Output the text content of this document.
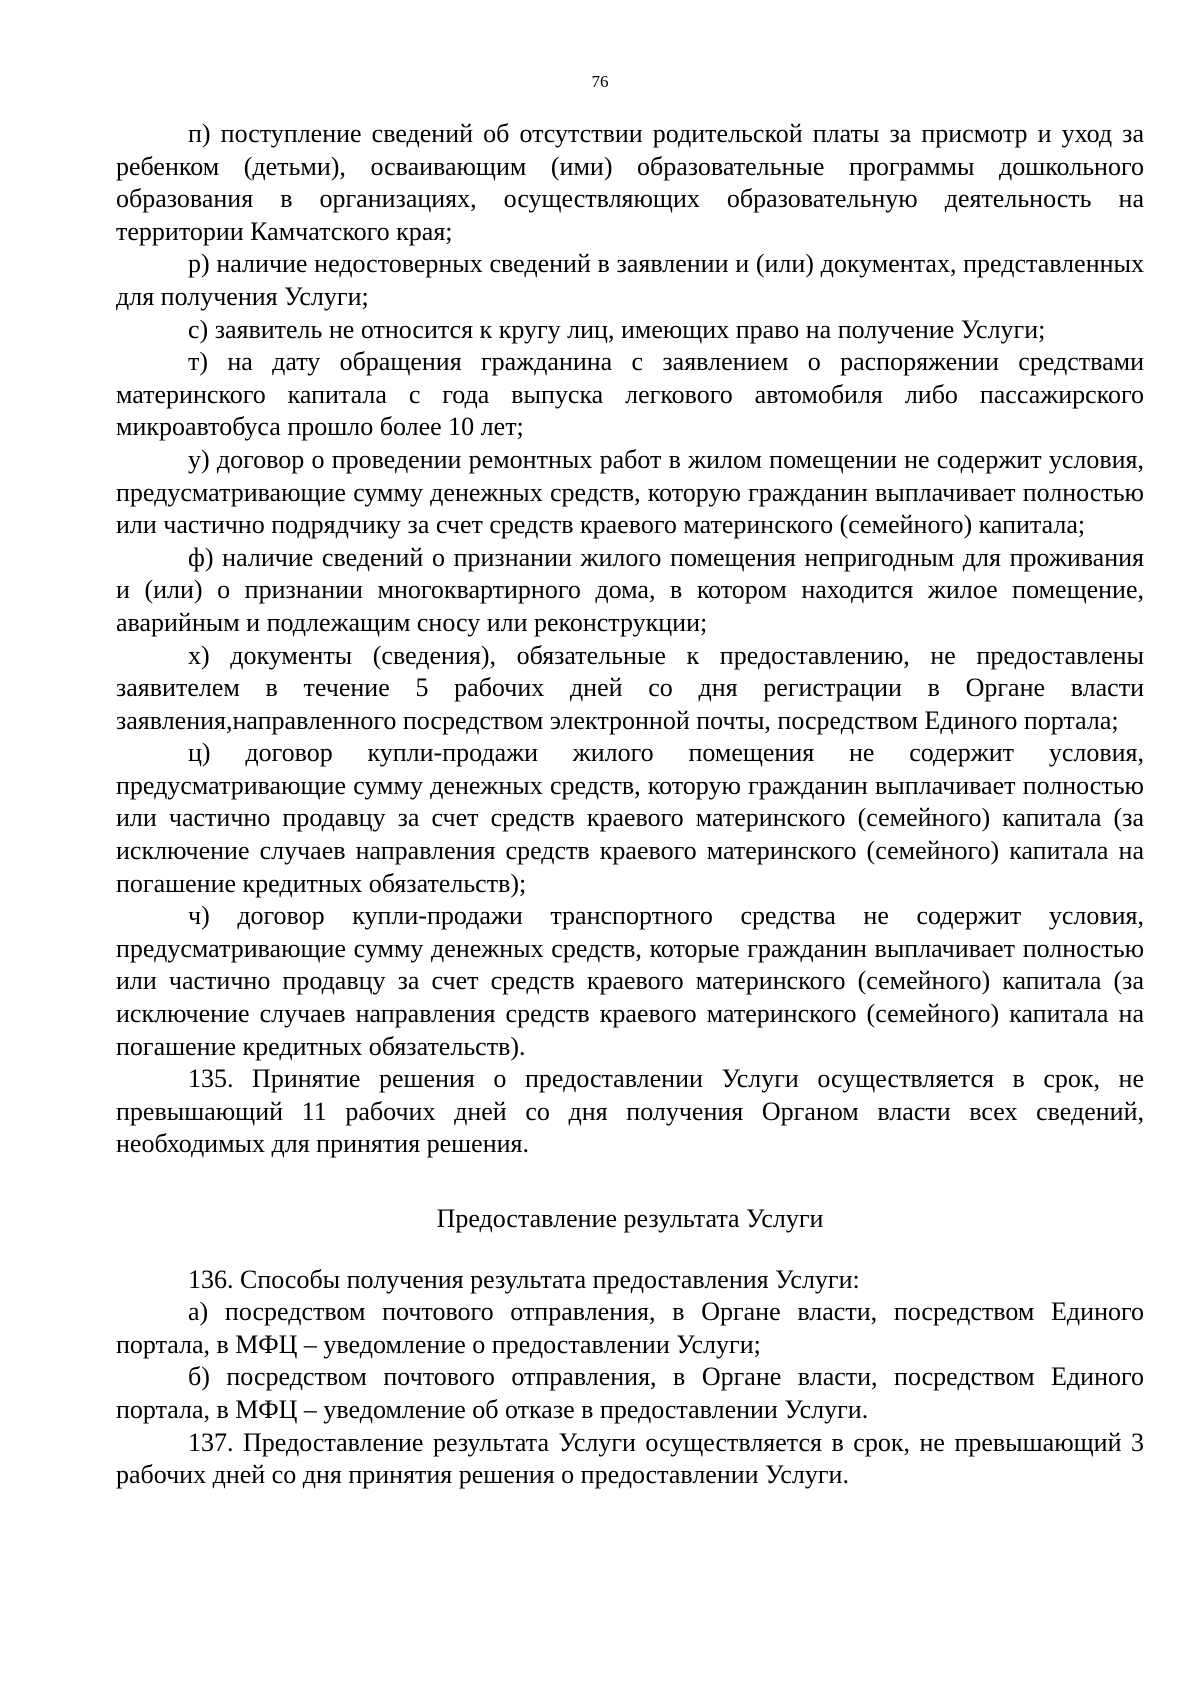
76

п) поступление сведений об отсутствии родительской платы за присмотр и уход за ребенком (детьми), осваивающим (ими) образовательные программы дошкольного образования в организациях, осуществляющих образовательную деятельность на территории Камчатского края;

р) наличие недостоверных сведений в заявлении и (или) документах, представленных для получения Услуги;

с) заявитель не относится к кругу лиц, имеющих право на получение Услуги;

т) на дату обращения гражданина с заявлением о распоряжении средствами материнского капитала с года выпуска легкового автомобиля либо пассажирского микроавтобуса прошло более 10 лет;

у) договор о проведении ремонтных работ в жилом помещении не содержит условия, предусматривающие сумму денежных средств, которую гражданин выплачивает полностью или частично подрядчику за счет средств краевого материнского (семейного) капитала;

ф) наличие сведений о признании жилого помещения непригодным для проживания и (или) о признании многоквартирного дома, в котором находится жилое помещение, аварийным и подлежащим сносу или реконструкции;

х) документы (сведения), обязательные к предоставлению, не предоставлены заявителем в течение 5 рабочих дней со дня регистрации в Органе власти заявления,направленного посредством электронной почты, посредством Единого портала;

ц) договор купли-продажи жилого помещения не содержит условия, предусматривающие сумму денежных средств, которую гражданин выплачивает полностью или частично продавцу за счет средств краевого материнского (семейного) капитала (за исключение случаев направления средств краевого материнского (семейного) капитала на погашение кредитных обязательств);

ч) договор купли-продажи транспортного средства не содержит условия, предусматривающие сумму денежных средств, которые гражданин выплачивает полностью или частично продавцу за счет средств краевого материнского (семейного) капитала (за исключение случаев направления средств краевого материнского (семейного) капитала на погашение кредитных обязательств).

135. Принятие решения о предоставлении Услуги осуществляется в срок, не превышающий 11 рабочих дней со дня получения Органом власти всех сведений, необходимых для принятия решения.

Предоставление результата Услуги

136. Способы получения результата предоставления Услуги:

а) посредством почтового отправления, в Органе власти, посредством Единого портала, в МФЦ – уведомление о предоставлении Услуги;

б) посредством почтового отправления, в Органе власти, посредством Единого портала, в МФЦ – уведомление об отказе в предоставлении Услуги.

137. Предоставление результата Услуги осуществляется в срок, не превышающий 3 рабочих дней со дня принятия решения о предоставлении Услуги.
